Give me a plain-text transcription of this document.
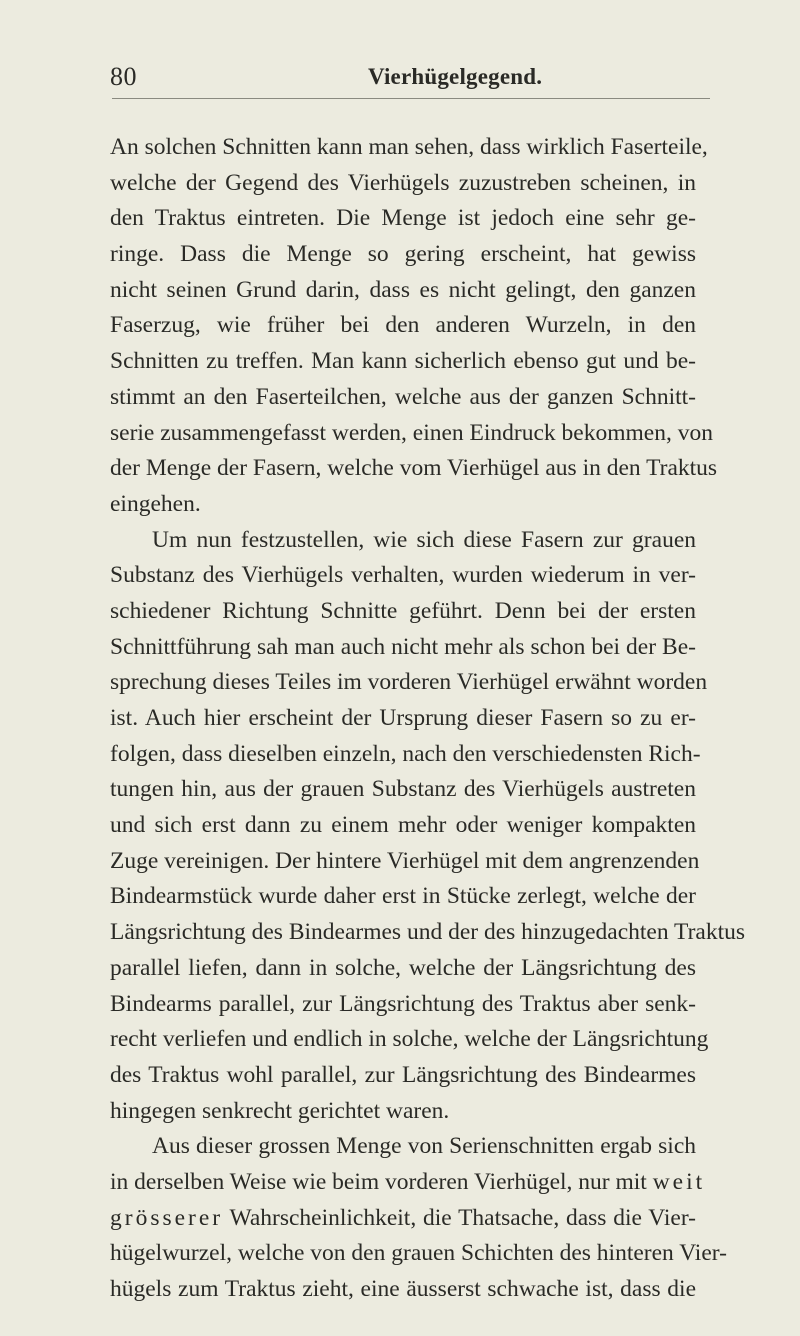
80	Vierhügelgegend.
An solchen Schnitten kann man sehen, dass wirklich Faserteile,
welche der Gegend des Vierhügels zuzustreben scheinen, in
den Traktus eintreten. Die Menge ist jedoch eine sehr ge-
ringe. Dass die Menge so gering erscheint, hat gewiss
nicht seinen Grund darin, dass es nicht gelingt, den ganzen
Faserzug, wie früher bei den anderen Wurzeln, in den
Schnitten zu treffen. Man kann sicherlich ebenso gut und be-
stimmt an den Faserteilchen, welche aus der ganzen Schnitt-
serie zusammengefasst werden, einen Eindruck bekommen, von
der Menge der Fasern, welche vom Vierhügel aus in den Traktus
eingehen.
Um nun festzustellen, wie sich diese Fasern zur grauen
Substanz des Vierhügels verhalten, wurden wiederum in ver-
schiedener Richtung Schnitte geführt. Denn bei der ersten
Schnittführung sah man auch nicht mehr als schon bei der Be-
sprechung dieses Teiles im vorderen Vierhügel erwähnt worden
ist. Auch hier erscheint der Ursprung dieser Fasern so zu er-
folgen, dass dieselben einzeln, nach den verschiedensten Rich-
tungen hin, aus der grauen Substanz des Vierhügels austreten
und sich erst dann zu einem mehr oder weniger kompakten
Zuge vereinigen. Der hintere Vierhügel mit dem angrenzenden
Bindearmstück wurde daher erst in Stücke zerlegt, welche der
Längsrichtung des Bindearmes und der des hinzugedachten Traktus
parallel liefen, dann in solche, welche der Längsrichtung des
Bindearms parallel, zur Längsrichtung des Traktus aber senk-
recht verliefen und endlich in solche, welche der Längsrichtung
des Traktus wohl parallel, zur Längsrichtung des Bindearmes
hingegen senkrecht gerichtet waren.
Aus dieser grossen Menge von Serienschnitten ergab sich
in derselben Weise wie beim vorderen Vierhügel, nur mit weit
grösserer Wahrscheinlichkeit, die Thatsache, dass die Vier-
hügelwurzel, welche von den grauen Schichten des hinteren Vier-
hügels zum Traktus zieht, eine äusserst schwache ist, dass die
